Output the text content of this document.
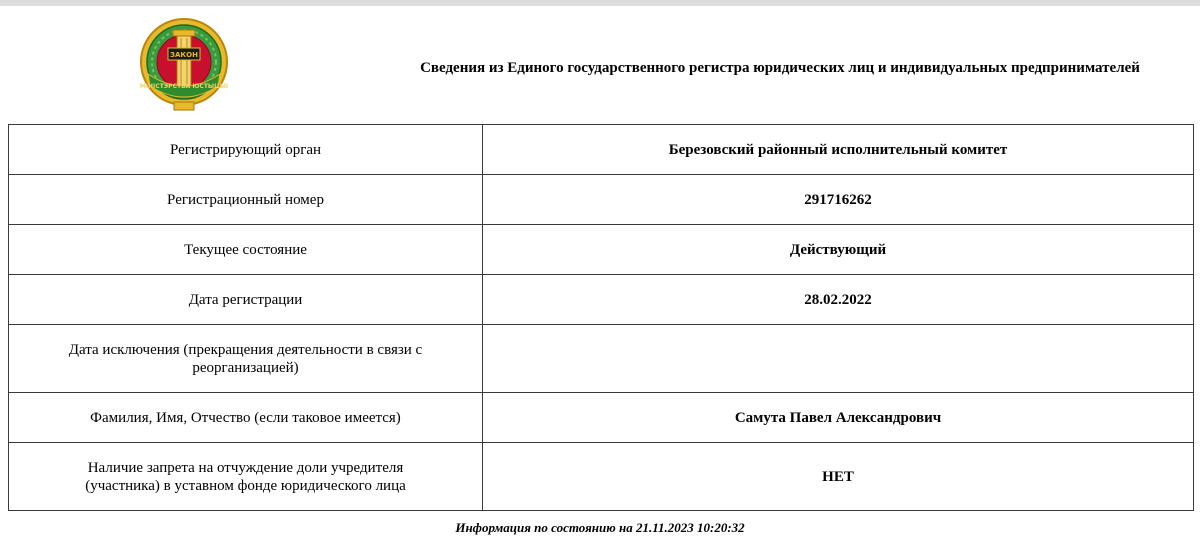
ЗАКОН
МIНIСТЭРСТВА ЮСТЫЦЫI
Сведения из Единого государственного регистра юридических лиц и индивидуальных предпринимателей
Регистрирующий орган	Березовский районный исполнительный комитет
Регистрационный номер	291716262
Текущее состояние	Действующий
Дата регистрации	28.02.2022
Дата исключения (прекращения деятельности в связи с реорганизацией)	
Фамилия, Имя, Отчество (если таковое имеется)	Самута Павел Александрович
Наличие запрета на отчуждение доли учредителя (участника) в уставном фонде юридического лица	НЕТ
Информация по состоянию на 21.11.2023 10:20:32
